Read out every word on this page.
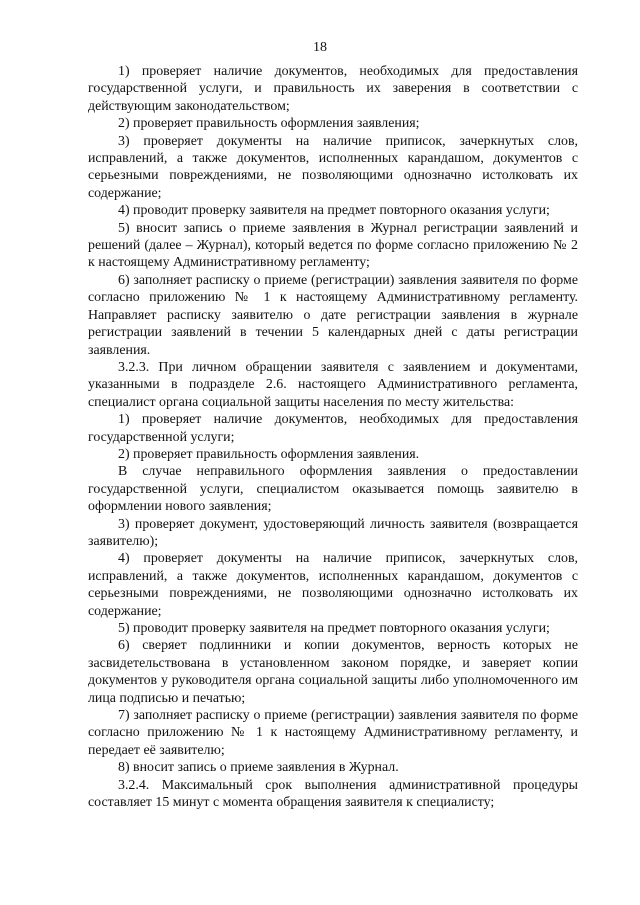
18

1) проверяет наличие документов, необходимых для предоставления государственной услуги, и правильность их заверения в соответствии с действующим законодательством;

2) проверяет правильность оформления заявления;

3) проверяет документы на наличие приписок, зачеркнутых слов, исправлений, а также документов, исполненных карандашом, документов с серьезными повреждениями, не позволяющими однозначно истолковать их содержание;

4) проводит проверку заявителя на предмет повторного оказания услуги;

5) вносит запись о приеме заявления в Журнал регистрации заявлений и решений (далее – Журнал), который ведется по форме согласно приложению № 2 к настоящему Административному регламенту;

6) заполняет расписку о приеме (регистрации) заявления заявителя по форме согласно приложению № 1 к настоящему Административному регламенту. Направляет расписку заявителю о дате регистрации заявления в журнале регистрации заявлений в течении 5 календарных дней с даты регистрации заявления.

3.2.3. При личном обращении заявителя с заявлением и документами, указанными в подразделе 2.6. настоящего Административного регламента, специалист органа социальной защиты населения по месту жительства:

1) проверяет наличие документов, необходимых для предоставления государственной услуги;

2) проверяет правильность оформления заявления.

В случае неправильного оформления заявления о предоставлении государственной услуги, специалистом оказывается помощь заявителю в оформлении нового заявления;

3) проверяет документ, удостоверяющий личность заявителя (возвращается заявителю);

4) проверяет документы на наличие приписок, зачеркнутых слов, исправлений, а также документов, исполненных карандашом, документов с серьезными повреждениями, не позволяющими однозначно истолковать их содержание;

5) проводит проверку заявителя на предмет повторного оказания услуги;

6) сверяет подлинники и копии документов, верность которых не засвидетельствована в установленном законом порядке, и заверяет копии документов у руководителя органа социальной защиты либо уполномоченного им лица подписью и печатью;

7) заполняет расписку о приеме (регистрации) заявления заявителя по форме согласно приложению № 1 к настоящему Административному регламенту, и передает её заявителю;

8) вносит запись о приеме заявления в Журнал.

3.2.4. Максимальный срок выполнения административной процедуры составляет 15 минут с момента обращения заявителя к специалисту;
